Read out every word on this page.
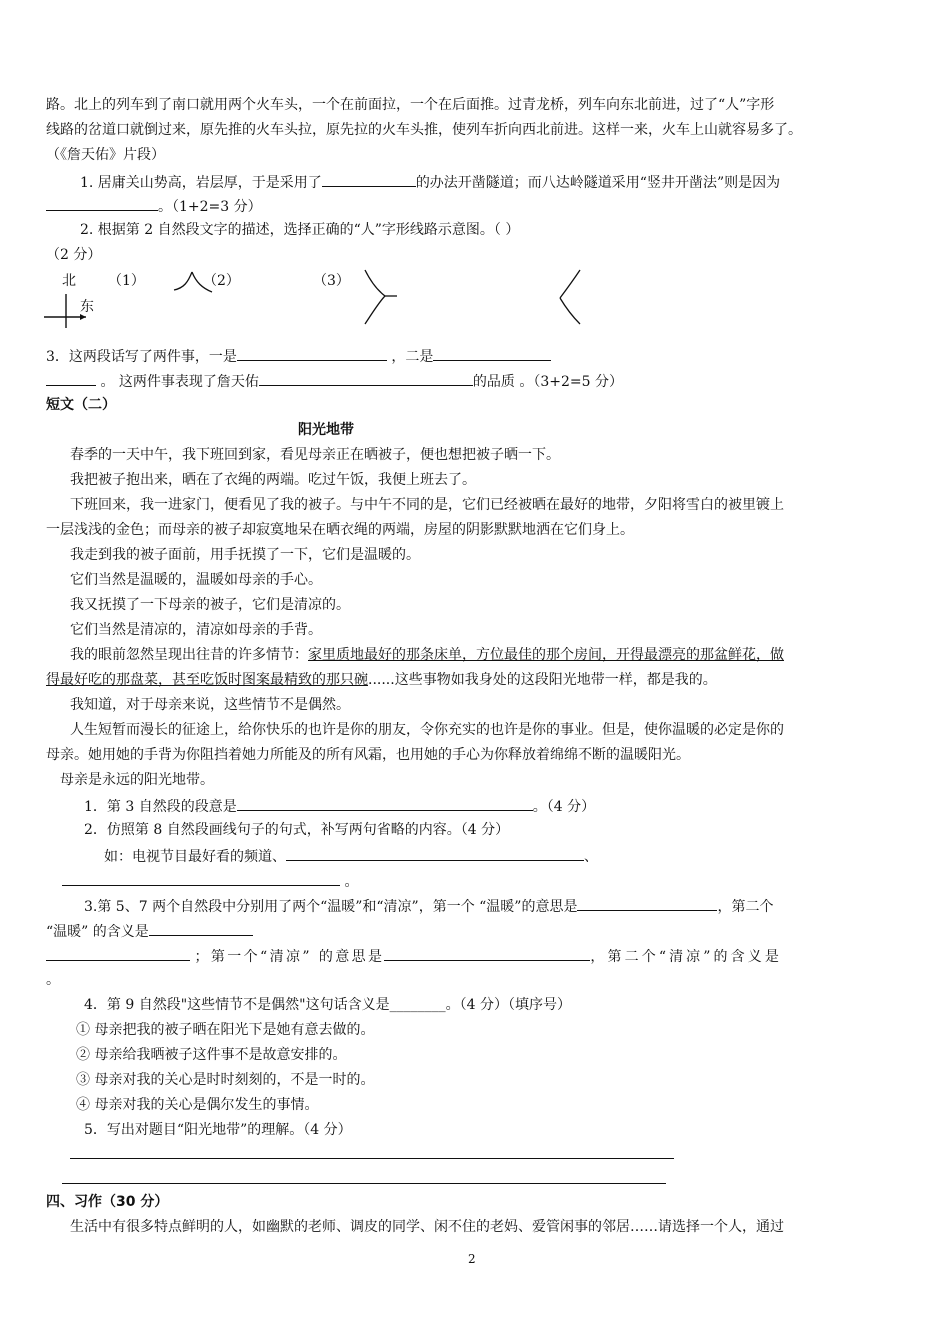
路。北上的列车到了南口就用两个火车头，一个在前面拉，一个在后面推。过青龙桥，列车向东北前进，过了“人”字形
线路的岔道口就倒过来，原先推的火车头拉，原先拉的火车头推，使列车折向西北前进。这样一来，火车上山就容易多了。
（《詹天佑》片段）
1. 居庸关山势高，岩层厚，于是采用了	的办法开凿隧道；而八达岭隧道采用“竖井开凿法”则是因为
。（1+2=3 分）
2. 根据第 2 自然段文字的描述，选择正确的“人”字形线路示意图。（ ）
（2 分）
北
东
（1）	（2）	（3）
3．这两段话写了两件事，一是	，二是
。 这两件事表现了詹天佑	的品质 。（3+2=5 分）
短文（二）
阳光地带
春季的一天中午，我下班回到家，看见母亲正在晒被子，便也想把被子晒一下。
我把被子抱出来，晒在了衣绳的两端。吃过午饭，我便上班去了。
下班回来，我一进家门，便看见了我的被子。与中午不同的是，它们已经被晒在最好的地带，夕阳将雪白的被里镀上
一层浅浅的金色；而母亲的被子却寂寞地呆在晒衣绳的两端，房屋的阴影默默地洒在它们身上。
我走到我的被子面前，用手抚摸了一下，它们是温暖的。
它们当然是温暖的，温暖如母亲的手心。
我又抚摸了一下母亲的被子，它们是清凉的。
它们当然是清凉的，清凉如母亲的手背。
我的眼前忽然呈现出往昔的许多情节：家里质地最好的那条床单，方位最佳的那个房间，开得最漂亮的那盆鲜花，做
得最好吃的那盘菜，甚至吃饭时图案最精致的那只碗......这些事物如我身处的这段阳光地带一样，都是我的。
我知道，对于母亲来说，这些情节不是偶然。
人生短暂而漫长的征途上，给你快乐的也许是你的朋友，令你充实的也许是你的事业。但是，使你温暖的必定是你的
母亲。她用她的手背为你阻挡着她力所能及的所有风霜，也用她的手心为你释放着绵绵不断的温暖阳光。
母亲是永远的阳光地带。
1．第 3 自然段的段意是	。（4 分）
2．仿照第 8 自然段画线句子的句式，补写两句省略的内容。（4 分）
如：电视节目最好看的频道、	、
。
3.第 5、7 两个自然段中分别用了两个“温暖”和“清凉”，第一个 “温暖”的意思是	，第二个
“温暖” 的含义是
；第一个“清凉” 的意思是	，第二个“清凉”的含义是
。
4．第 9 自然段"这些情节不是偶然"这句话含义是________。（4 分）（填序号）
① 母亲把我的被子晒在阳光下是她有意去做的。
② 母亲给我晒被子这件事不是故意安排的。
③ 母亲对我的关心是时时刻刻的，不是一时的。
④ 母亲对我的关心是偶尔发生的事情。
5．写出对题目“阳光地带”的理解。（4 分）
四、习作（30 分）
生活中有很多特点鲜明的人，如幽默的老师、调皮的同学、闲不住的老妈、爱管闲事的邻居……请选择一个人，通过
2
